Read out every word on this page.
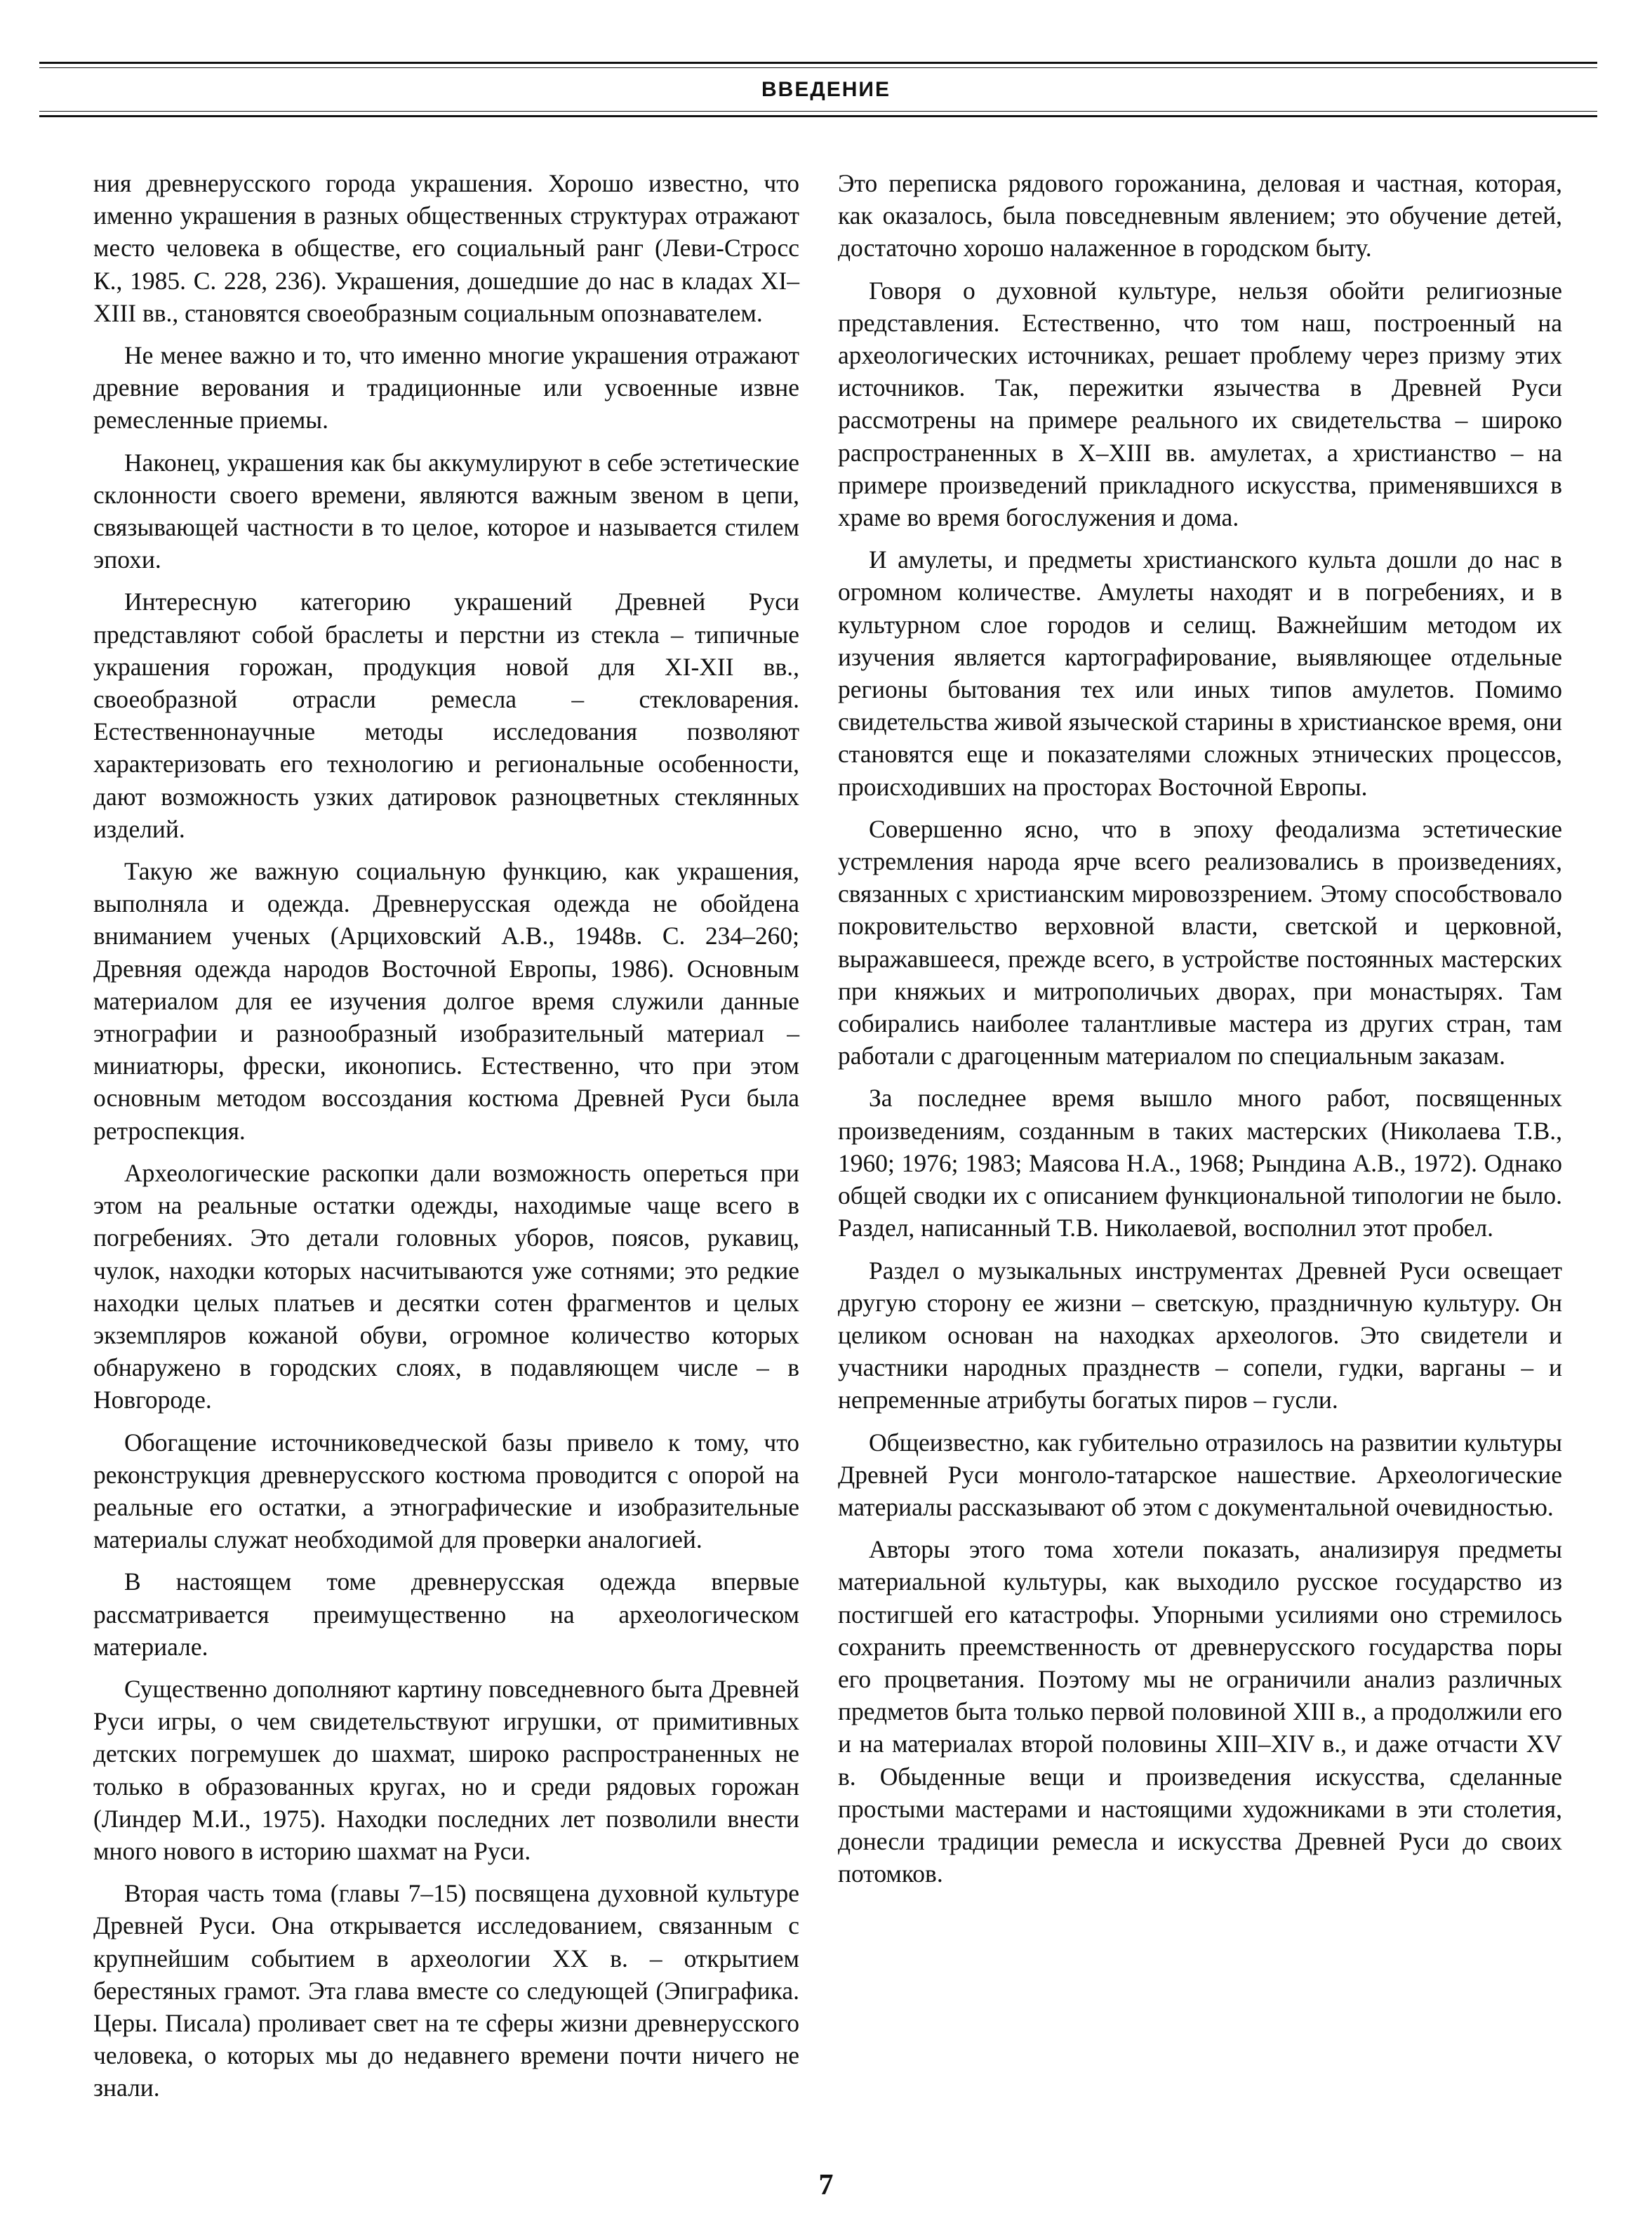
ВВЕДЕНИЕ

ния древнерусского города украшения. Хорошо известно, что именно украшения в разных общественных структурах отражают место человека в обществе, его социальный ранг (Леви-Стросс К., 1985. С. 228, 236). Украшения, дошедшие до нас в кладах XI–XIII вв., становятся своеобразным социальным опознавателем.

Не менее важно и то, что именно многие украшения отражают древние верования и традиционные или усвоенные извне ремесленные приемы.

Наконец, украшения как бы аккумулируют в себе эстетические склонности своего времени, являются важным звеном в цепи, связывающей частности в то целое, которое и называется стилем эпохи.

Интересную категорию украшений Древней Руси представляют собой браслеты и перстни из стекла – типичные украшения горожан, продукция новой для XI-XII вв., своеобразной отрасли ремесла – стекловарения. Естественнонаучные методы исследования позволяют характеризовать его технологию и региональные особенности, дают возможность узких датировок разноцветных стеклянных изделий.

Такую же важную социальную функцию, как украшения, выполняла и одежда. Древнерусская одежда не обойдена вниманием ученых (Арциховский А.В., 1948в. С. 234–260; Древняя одежда народов Восточной Европы, 1986). Основным материалом для ее изучения долгое время служили данные этнографии и разнообразный изобразительный материал – миниатюры, фрески, иконопись. Естественно, что при этом основным методом воссоздания костюма Древней Руси была ретроспекция.

Археологические раскопки дали возможность опереться при этом на реальные остатки одежды, находимые чаще всего в погребениях. Это детали головных уборов, поясов, рукавиц, чулок, находки которых насчитываются уже сотнями; это редкие находки целых платьев и десятки сотен фрагментов и целых экземпляров кожаной обуви, огромное количество которых обнаружено в городских слоях, в подавляющем числе – в Новгороде.

Обогащение источниковедческой базы привело к тому, что реконструкция древнерусского костюма проводится с опорой на реальные его остатки, а этнографические и изобразительные материалы служат необходимой для проверки аналогией.

В настоящем томе древнерусская одежда впервые рассматривается преимущественно на археологическом материале.

Существенно дополняют картину повседневного быта Древней Руси игры, о чем свидетельствуют игрушки, от примитивных детских погремушек до шахмат, широко распространенных не только в образованных кругах, но и среди рядовых горожан (Линдер М.И., 1975). Находки последних лет позволили внести много нового в историю шахмат на Руси.

Вторая часть тома (главы 7–15) посвящена духовной культуре Древней Руси. Она открывается исследованием, связанным с крупнейшим событием в археологии XX в. – открытием берестяных грамот. Эта глава вместе со следующей (Эпиграфика. Церы. Писала) проливает свет на те сферы жизни древнерусского человека, о которых мы до недавнего времени почти ничего не знали.

Это переписка рядового горожанина, деловая и частная, которая, как оказалось, была повседневным явлением; это обучение детей, достаточно хорошо налаженное в городском быту.

Говоря о духовной культуре, нельзя обойти религиозные представления. Естественно, что том наш, построенный на археологических источниках, решает проблему через призму этих источников. Так, пережитки язычества в Древней Руси рассмотрены на примере реального их свидетельства – широко распространенных в X–XIII вв. амулетах, а христианство – на примере произведений прикладного искусства, применявшихся в храме во время богослужения и дома.

И амулеты, и предметы христианского культа дошли до нас в огромном количестве. Амулеты находят и в погребениях, и в культурном слое городов и селищ. Важнейшим методом их изучения является картографирование, выявляющее отдельные регионы бытования тех или иных типов амулетов. Помимо свидетельства живой языческой старины в христианское время, они становятся еще и показателями сложных этнических процессов, происходивших на просторах Восточной Европы.

Совершенно ясно, что в эпоху феодализма эстетические устремления народа ярче всего реализовались в произведениях, связанных с христианским мировоззрением. Этому способствовало покровительство верховной власти, светской и церковной, выражавшееся, прежде всего, в устройстве постоянных мастерских при княжьих и митрополичьих дворах, при монастырях. Там собирались наиболее талантливые мастера из других стран, там работали с драгоценным материалом по специальным заказам.

За последнее время вышло много работ, посвященных произведениям, созданным в таких мастерских (Николаева Т.В., 1960; 1976; 1983; Маясова Н.А., 1968; Рындина А.В., 1972). Однако общей сводки их с описанием функциональной типологии не было. Раздел, написанный Т.В. Николаевой, восполнил этот пробел.

Раздел о музыкальных инструментах Древней Руси освещает другую сторону ее жизни – светскую, праздничную культуру. Он целиком основан на находках археологов. Это свидетели и участники народных празднеств – сопели, гудки, варганы – и непременные атрибуты богатых пиров – гусли.

Общеизвестно, как губительно отразилось на развитии культуры Древней Руси монголо-татарское нашествие. Археологические материалы рассказывают об этом с документальной очевидностью.

Авторы этого тома хотели показать, анализируя предметы материальной культуры, как выходило русское государство из постигшей его катастрофы. Упорными усилиями оно стремилось сохранить преемственность от древнерусского государства поры его процветания. Поэтому мы не ограничили анализ различных предметов быта только первой половиной XIII в., а продолжили его и на материалах второй половины XIII–XIV в., и даже отчасти XV в. Обыденные вещи и произведения искусства, сделанные простыми мастерами и настоящими художниками в эти столетия, донесли традиции ремесла и искусства Древней Руси до своих потомков.

7
